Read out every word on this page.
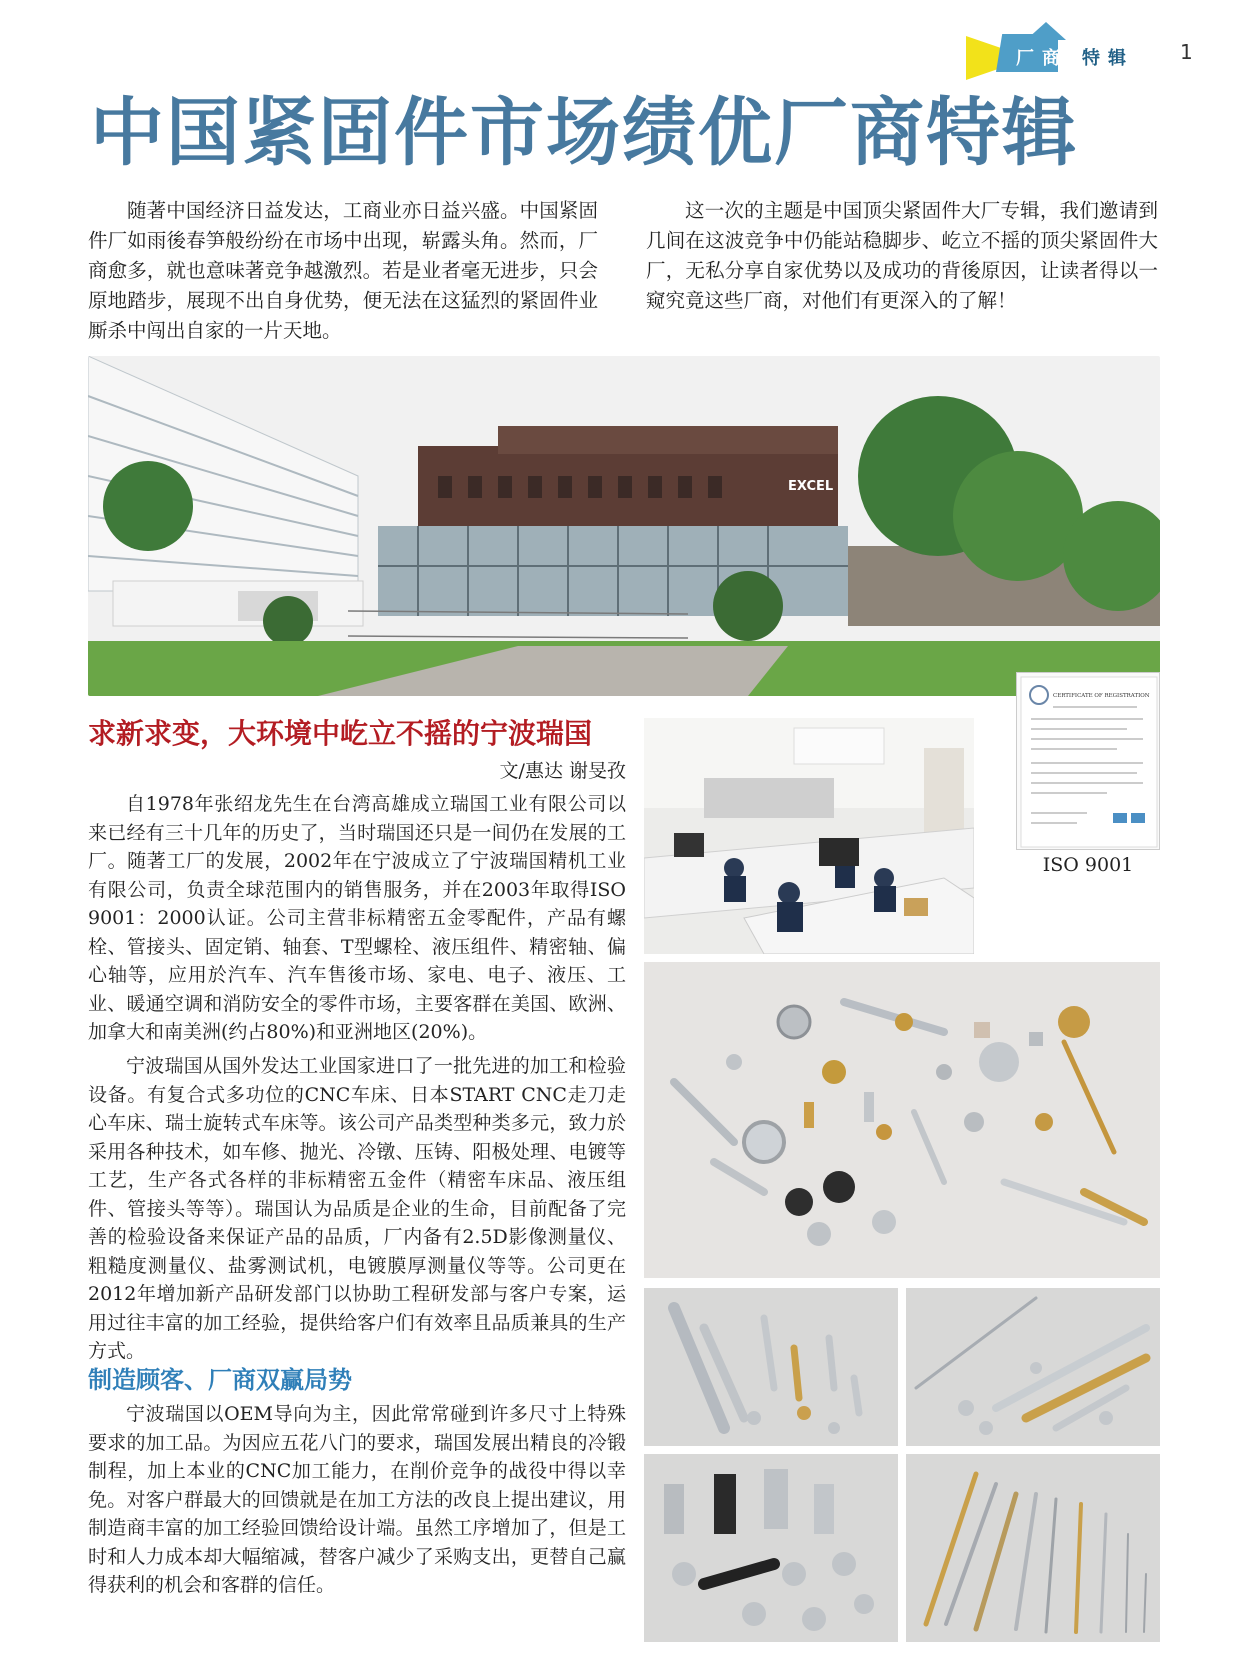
厂商 特辑 1
中国紧固件市场绩优厂商特辑

随著中国经济日益发达，工商业亦日益兴盛。中国紧固件厂如雨後春笋般纷纷在市场中出现，崭露头角。然而，厂商愈多，就也意味著竞争越激烈。若是业者毫无进步，只会原地踏步，展现不出自身优势，便无法在这猛烈的紧固件业厮杀中闯出自家的一片天地。

这一次的主题是中国顶尖紧固件大厂专辑，我们邀请到几间在这波竞争中仍能站稳脚步、屹立不摇的顶尖紧固件大厂，无私分享自家优势以及成功的背後原因，让读者得以一窥究竟这些厂商，对他们有更深入的了解！

EXCEL
求新求变，大环境中屹立不摇的宁波瑞国
文/惠达 谢旻孜

自1978年张绍龙先生在台湾高雄成立瑞国工业有限公司以来已经有三十几年的历史了，当时瑞国还只是一间仍在发展的工厂。随著工厂的发展，2002年在宁波成立了宁波瑞国精机工业有限公司，负责全球范围内的销售服务，并在2003年取得ISO 9001：2000认证。公司主营非标精密五金零配件，产品有螺栓、管接头、固定销、轴套、T型螺栓、液压组件、精密轴、偏心轴等，应用於汽车、汽车售後市场、家电、电子、液压、工业、暖通空调和消防安全的零件市场，主要客群在美国、欧洲、加拿大和南美洲(约占80%)和亚洲地区(20%)。

宁波瑞国从国外发达工业国家进口了一批先进的加工和检验设备。有复合式多功位的CNC车床、日本START CNC走刀走心车床、瑞士旋转式车床等。该公司产品类型种类多元，致力於采用各种技术，如车修、抛光、冷镦、压铸、阳极处理、电镀等工艺，生产各式各样的非标精密五金件（精密车床品、液压组件、管接头等等）。瑞国认为品质是企业的生命，目前配备了完善的检验设备来保证产品的品质，厂内备有2.5D影像测量仪、粗糙度测量仪、盐雾测试机，电镀膜厚测量仪等等。公司更在2012年增加新产品研发部门以协助工程研发部与客户专案，运用过往丰富的加工经验，提供给客户们有效率且品质兼具的生产方式。

制造顾客、厂商双赢局势

宁波瑞国以OEM导向为主，因此常常碰到许多尺寸上特殊要求的加工品。为因应五花八门的要求，瑞国发展出精良的冷锻制程，加上本业的CNC加工能力，在削价竞争的战役中得以幸免。对客户群最大的回馈就是在加工方法的改良上提出建议，用制造商丰富的加工经验回馈给设计端。虽然工序增加了，但是工时和人力成本却大幅缩减，替客户减少了采购支出，更替自己赢得获利的机会和客群的信任。

CERTIFICATE OF REGISTRATION
ISO 9001
